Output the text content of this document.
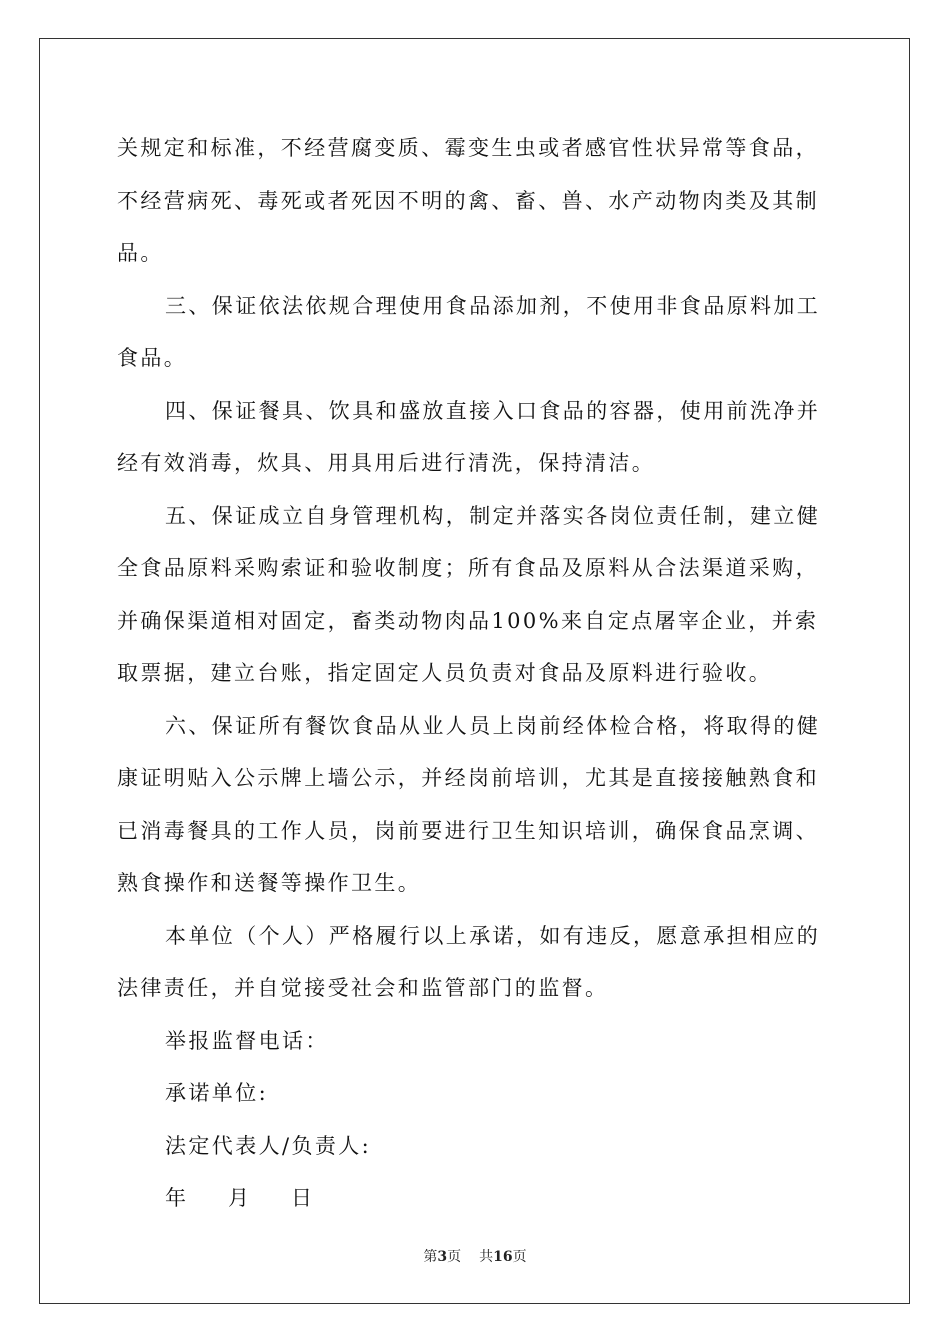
关规定和标准，不经营腐变质、霉变生虫或者感官性状异常等食品，
不经营病死、毒死或者死因不明的禽、畜、兽、水产动物肉类及其制
品。
三、保证依法依规合理使用食品添加剂，不使用非食品原料加工
食品。
四、保证餐具、饮具和盛放直接入口食品的容器，使用前洗净并
经有效消毒，炊具、用具用后进行清洗，保持清洁。
五、保证成立自身管理机构，制定并落实各岗位责任制，建立健
全食品原料采购索证和验收制度；所有食品及原料从合法渠道采购，
并确保渠道相对固定，畜类动物肉品100%来自定点屠宰企业，并索
取票据，建立台账，指定固定人员负责对食品及原料进行验收。
六、保证所有餐饮食品从业人员上岗前经体检合格，将取得的健
康证明贴入公示牌上墙公示，并经岗前培训，尤其是直接接触熟食和
已消毒餐具的工作人员，岗前要进行卫生知识培训，确保食品烹调、
熟食操作和送餐等操作卫生。
本单位（个人）严格履行以上承诺，如有违反，愿意承担相应的
法律责任，并自觉接受社会和监管部门的监督。
举报监督电话：
承诺单位:
法定代表人/负责人:
年 月 日
第3页 共16页
